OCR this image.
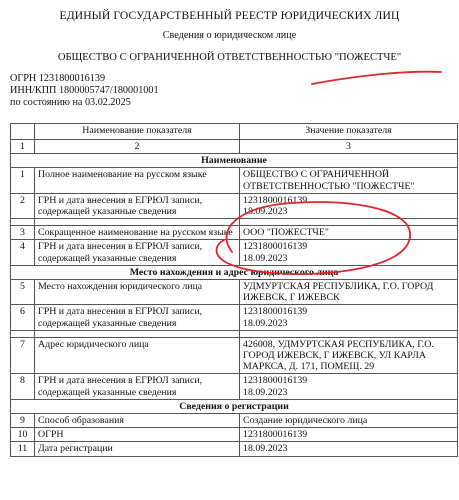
ЕДИНЫЙ ГОСУДАРСТВЕННЫЙ РЕЕСТР ЮРИДИЧЕСКИХ ЛИЦ
Сведения о юридическом лице
ОБЩЕСТВО С ОГРАНИЧЕННОЙ ОТВЕТСТВЕННОСТЬЮ "ПОЖЕСТЧЕ"
ОГРН 1231800016139
ИНН/КПП 1800005747/180001001
по состоянию на 03.02.2025
	Наименование показателя	Значение показателя
1	2	3
Наименование		
1	Полное наименование на русском языке	ОБЩЕСТВО С ОГРАНИЧЕННОЙ ОТВЕТСТВЕННОСТЬЮ "ПОЖЕСТЧЕ"
2	ГРН и дата внесения в ЕГРЮЛ записи, содержащей указанные сведения	1231800016139
18.09.2023

3	Сокращенное наименование на русском языке	ООО "ПОЖЕСТЧЕ"
4	ГРН и дата внесения в ЕГРЮЛ записи, содержащей указанные сведения	1231800016139
18.09.2023

Место нахождения и адрес юридического лица		
5	Место нахождения юридического лица	УДМУРТСКАЯ РЕСПУБЛИКА, Г.О. ГОРОД ИЖЕВСК, Г ИЖЕВСК
6	ГРН и дата внесения в ЕГРЮЛ записи, содержащей указанные сведения	1231800016139
18.09.2023

7	Адрес юридического лица	426008, УДМУРТСКАЯ РЕСПУБЛИКА, Г.О. ГОРОД ИЖЕВСК, Г ИЖЕВСК, УЛ КАРЛА МАРКСА, Д. 171, ПОМЕЩ. 29
8	ГРН и дата внесения в ЕГРЮЛ записи, содержащей указанные сведения	1231800016139
18.09.2023

Сведения о регистрации		
9	Способ образования	Создание юридического лица
10	ОГРН	1231800016139
11	Дата регистрации	18.09.2023
